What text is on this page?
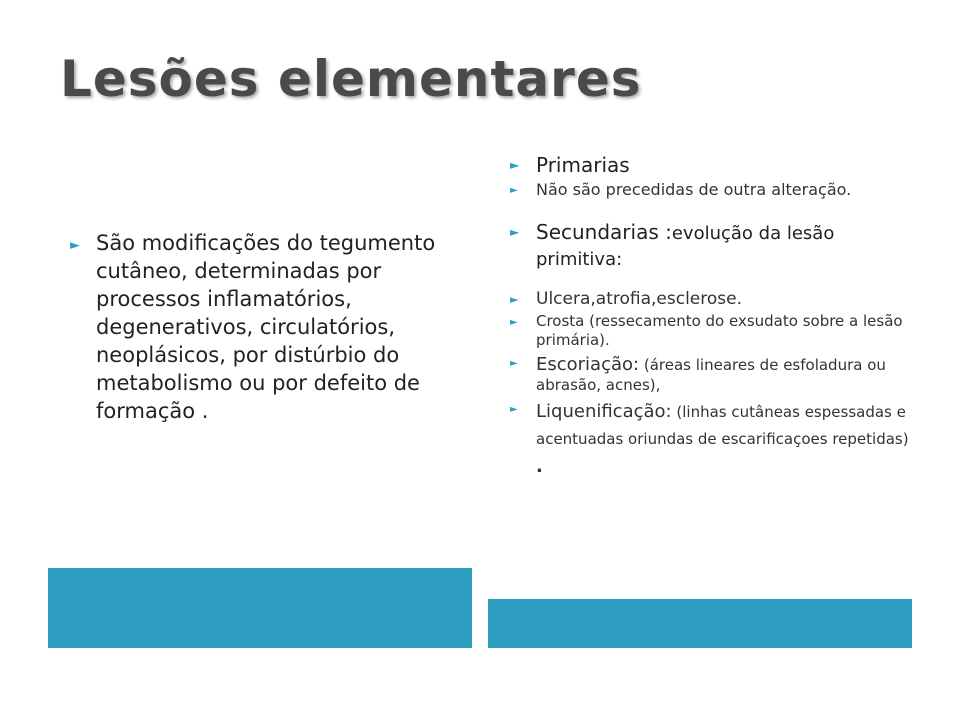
Lesões elementares
► São modificações do tegumento cutâneo, determinadas por processos inflamatórios, degenerativos, circulatórios, neoplásicos, por distúrbio do metabolismo ou por defeito de formação .
► Primarias
► Não são precedidas de outra alteração.
► Secundarias :evolução da lesão primitiva:
► Ulcera,atrofia,esclerose.
► Crosta (ressecamento do exsudato sobre a lesão primária).
► Escoriação: (áreas lineares de esfoladura ou abrasão, acnes),
► Liquenificação: (linhas cutâneas espessadas e acentuadas oriundas de escarificaçoes repetidas) .
